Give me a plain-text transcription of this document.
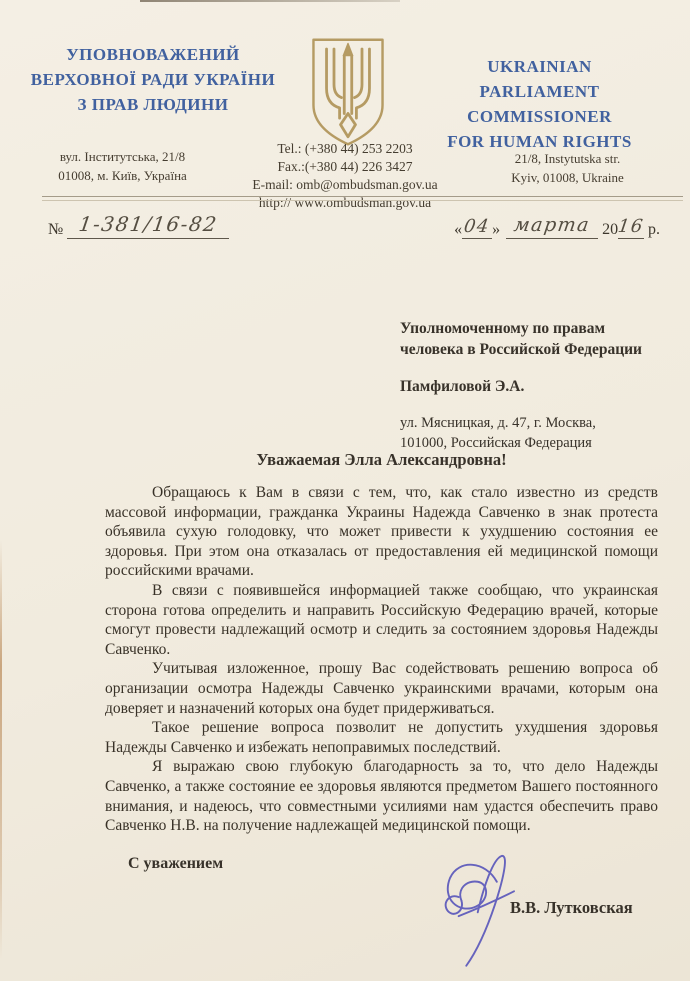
УПОВНОВАЖЕНИЙ
ВЕРХОВНОЇ РАДИ УКРАЇНИ
З ПРАВ ЛЮДИНИ
UKRAINIAN
PARLIAMENT COMMISSIONER
FOR HUMAN RIGHTS
вул. Інститутська, 21/8
01008, м. Київ, Україна
Tel.: (+380 44) 253 2203
Fax.:(+380 44) 226 3427
E-mail: omb@ombudsman.gov.ua
http:// www.ombudsman.gov.ua
21/8, Instytutska str.
Kyiv, 01008, Ukraine
№
1-381/16-82	« 04 » марта 20
16 р.
Уполномоченному по правам
человека в Российской Федерации
Памфиловой Э.А.
ул. Мясницкая, д. 47, г. Москва,
101000, Российская Федерация
Уважаемая Элла Александровна!

Обращаюсь к Вам в связи с тем, что, как стало известно из средств массовой информации, гражданка Украины Надежда Савченко в знак протеста объявила сухую голодовку, что может привести к ухудшению состояния ее здоровья. При этом она отказалась от предоставления ей медицинской помощи российскими врачами.

В связи с появившейся информацией также сообщаю, что украинская сторона готова определить и направить Российскую Федерацию врачей, которые смогут провести надлежащий осмотр и следить за состоянием здоровья Надежды Савченко.

Учитывая изложенное, прошу Вас содействовать решению вопроса об организации осмотра Надежды Савченко украинскими врачами, которым она доверяет и назначений которых она будет придерживаться.

Такое решение вопроса позволит не допустить ухудшения здоровья Надежды Савченко и избежать непоправимых последствий.

Я выражаю свою глубокую благодарность за то, что дело Надежды Савченко, а также состояние ее здоровья являются предметом Вашего постоянного внимания, и надеюсь, что совместными усилиями нам удастся обеспечить право Савченко Н.В. на получение надлежащей медицинской помощи.

С уважением
В.В. Лутковская
